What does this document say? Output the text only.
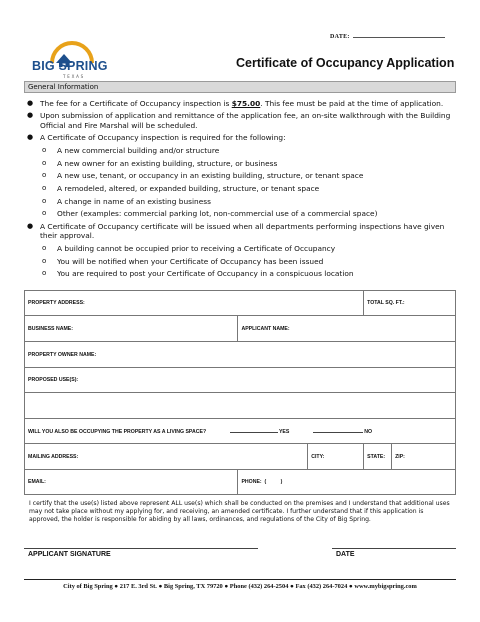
DATE:
BIG SPRING
TEXAS
Certificate of Occupancy Application
General Information
● The fee for a Certificate of Occupancy inspection is $75.00. This fee must be paid at the time of application.
● Upon submission of application and remittance of the application fee, an on-site walkthrough with the Building Official and Fire Marshal will be scheduled.
● A Certificate of Occupancy inspection is required for the following:
o A new commercial building and/or structure
o A new owner for an existing building, structure, or business
o A new use, tenant, or occupancy in an existing building, structure, or tenant space
o A remodeled, altered, or expanded building, structure, or tenant space
o A change in name of an existing business
o Other (examples: commercial parking lot, non-commercial use of a commercial space)
● A Certificate of Occupancy certificate will be issued when all departments performing inspections have given their approval.
o A building cannot be occupied prior to receiving a Certificate of Occupancy
o You will be notified when your Certificate of Occupancy has been issued
o You are required to post your Certificate of Occupancy in a conspicuous location
PROPERTY ADDRESS:			TOTAL SQ. FT.:	
BUSINESS NAME:	APPLICANT NAME:			
PROPERTY OWNER NAME:				
PROPOSED USE(S):				

WILL YOU ALSO BE OCCUPYING THE PROPERTY AS A LIVING SPACE? YES NO				
MAILING ADDRESS:		CITY:	STATE:	ZIP:
EMAIL:	PHONE: (          )			
I certify that the use(s) listed above represent ALL use(s) which shall be conducted on the premises and I understand that additional uses may not take place without my applying for, and receiving, an amended certificate. I further understand that if this application is approved, the holder is responsible for abiding by all laws, ordinances, and regulations of the City of Big Spring.
APPLICANT SIGNATURE	DATE
City of Big Spring ● 217 E. 3rd St. ● Big Spring, TX 79720 ● Phone (432) 264-2504 ● Fax (432) 264-7024 ● www.mybigspring.com
